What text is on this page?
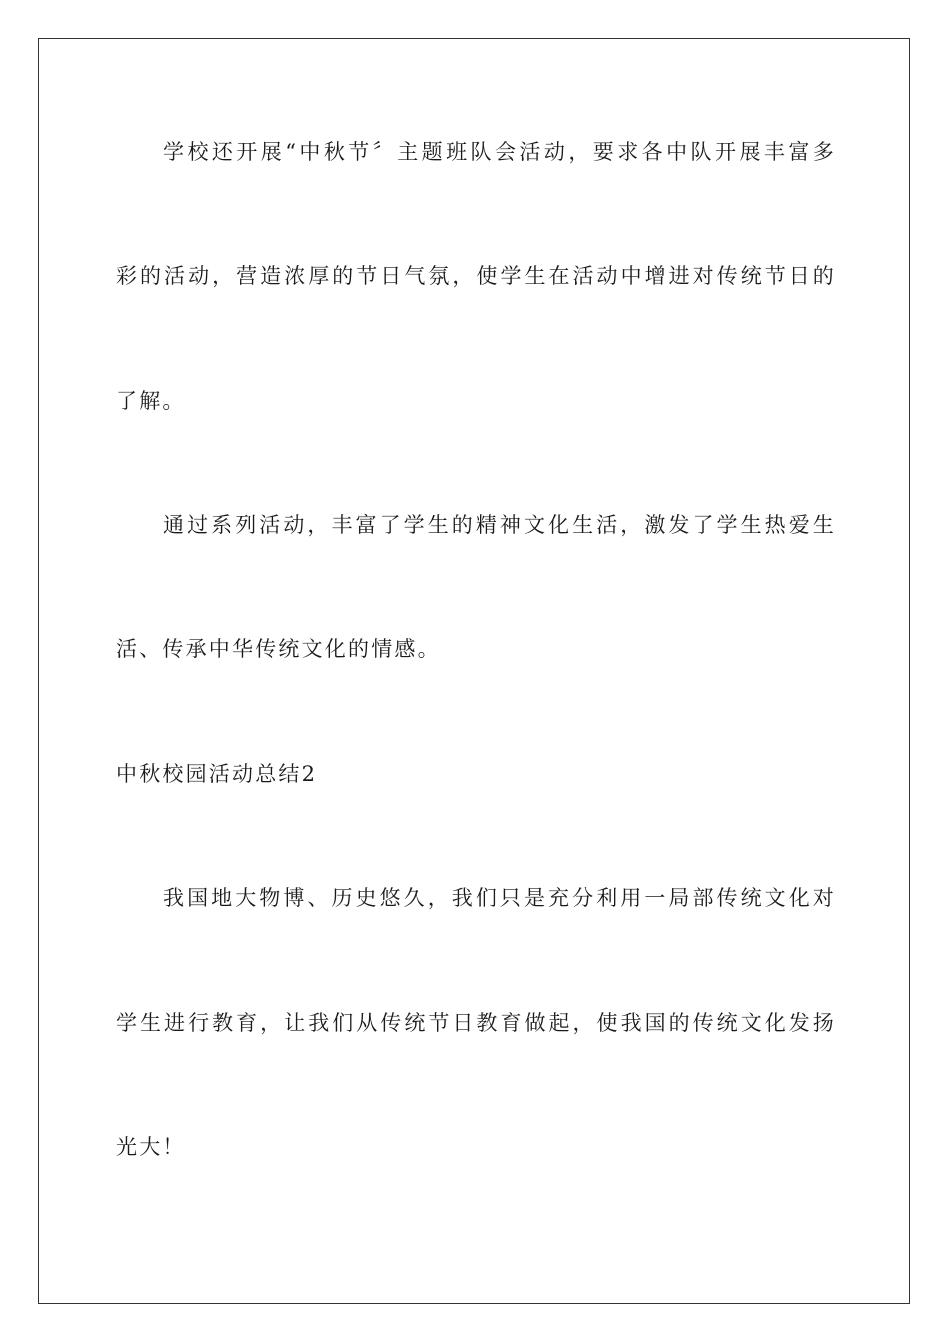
学校还开展“中秋节〞主题班队会活动，要求各中队开展丰富多

彩的活动，营造浓厚的节日气氛，使学生在活动中增进对传统节日的

了解。

通过系列活动，丰富了学生的精神文化生活，激发了学生热爱生

活、传承中华传统文化的情感。

中秋校园活动总结2

我国地大物博、历史悠久，我们只是充分利用一局部传统文化对

学生进行教育，让我们从传统节日教育做起，使我国的传统文化发扬

光大！
